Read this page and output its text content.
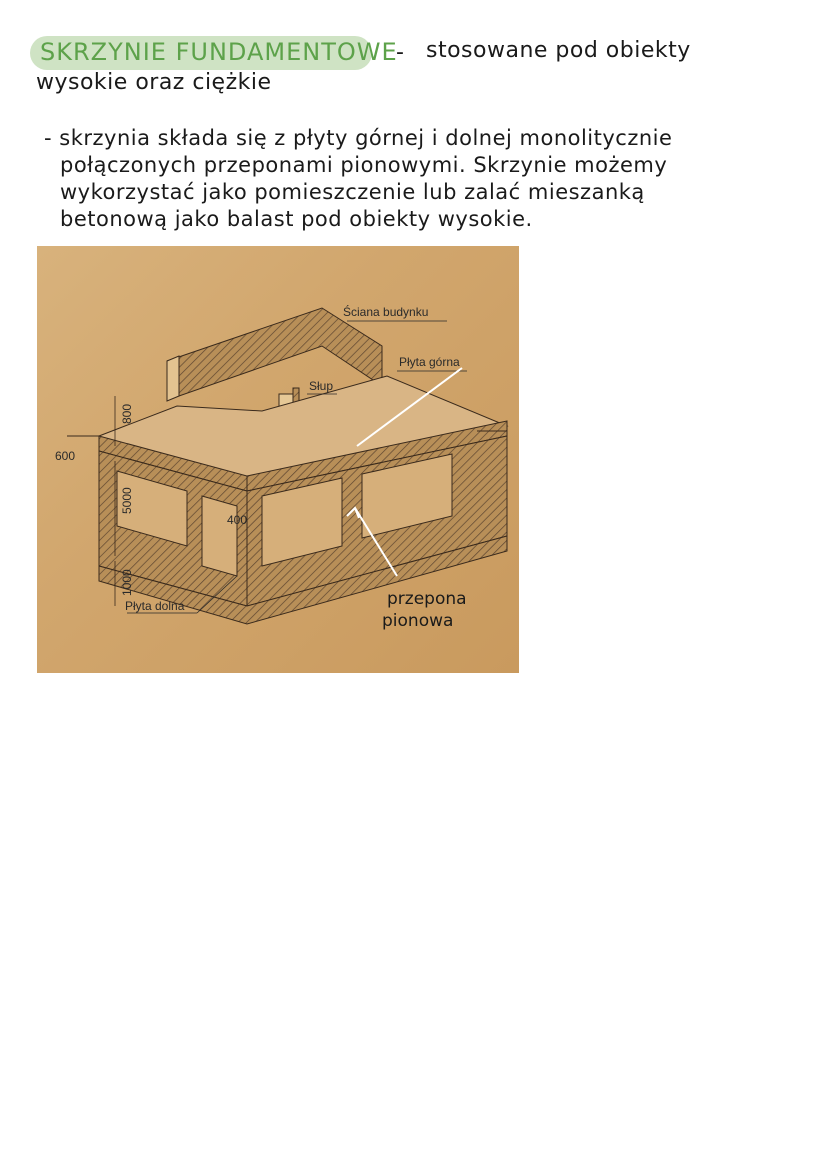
SKRZYNIE FUNDAMENTOWE
- stosowane pod obiekty
wysokie oraz ciężkie
- skrzynia składa się z płyty górnej i dolnej monolitycznie
połączonych przeponami pionowymi. Skrzynie możemy
wykorzystać jako pomieszczenie lub zalać mieszanką
betonową jako balast pod obiekty wysokie.
Ściana budynku
Płyta górna
Słup
Płyta dolna
400
600
800
5000
1000
przepona
pionowa
